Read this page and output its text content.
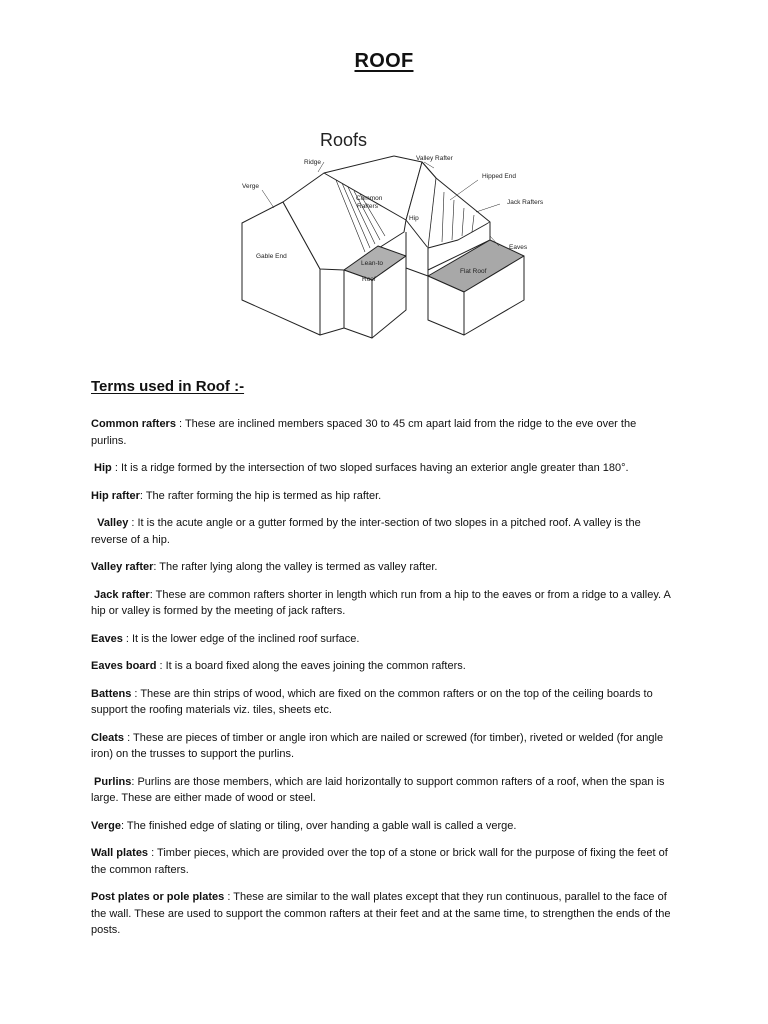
ROOF
Roofs
Ridge
Valley Rafter
Hipped End
Verge
Common
Rafters
Jack Rafters
Hip
Eaves
Gable End
Lean-to
Roof
Flat Roof
Terms used in Roof :-

Common rafters : These are inclined members spaced 30 to 45 cm apart laid from the ridge to the eve over the purlins.

Hip : It is a ridge formed by the intersection of two sloped surfaces having an exterior angle greater than 180°.

Hip rafter: The rafter forming the hip is termed as hip rafter.

Valley : It is the acute angle or a gutter formed by the inter-section of two slopes in a pitched roof. A valley is the reverse of a hip.

Valley rafter: The rafter lying along the valley is termed as valley rafter.

Jack rafter: These are common rafters shorter in length which run from a hip to the eaves or from a ridge to a valley. A hip or valley is formed by the meeting of jack rafters.

Eaves : It is the lower edge of the inclined roof surface.

Eaves board : It is a board fixed along the eaves joining the common rafters.

Battens : These are thin strips of wood, which are fixed on the common rafters or on the top of the ceiling boards to support the roofing materials viz. tiles, sheets etc.

Cleats : These are pieces of timber or angle iron which are nailed or screwed (for timber), riveted or welded (for angle iron) on the trusses to support the purlins.

Purlins: Purlins are those members, which are laid horizontally to support common rafters of a roof, when the span is large. These are either made of wood or steel.

Verge: The finished edge of slating or tiling, over handing a gable wall is called a verge.

Wall plates : Timber pieces, which are provided over the top of a stone or brick wall for the purpose of fixing the feet of the common rafters.

Post plates or pole plates : These are similar to the wall plates except that they run continuous, parallel to the face of the wall. These are used to support the common rafters at their feet and at the same time, to strengthen the ends of the posts.
